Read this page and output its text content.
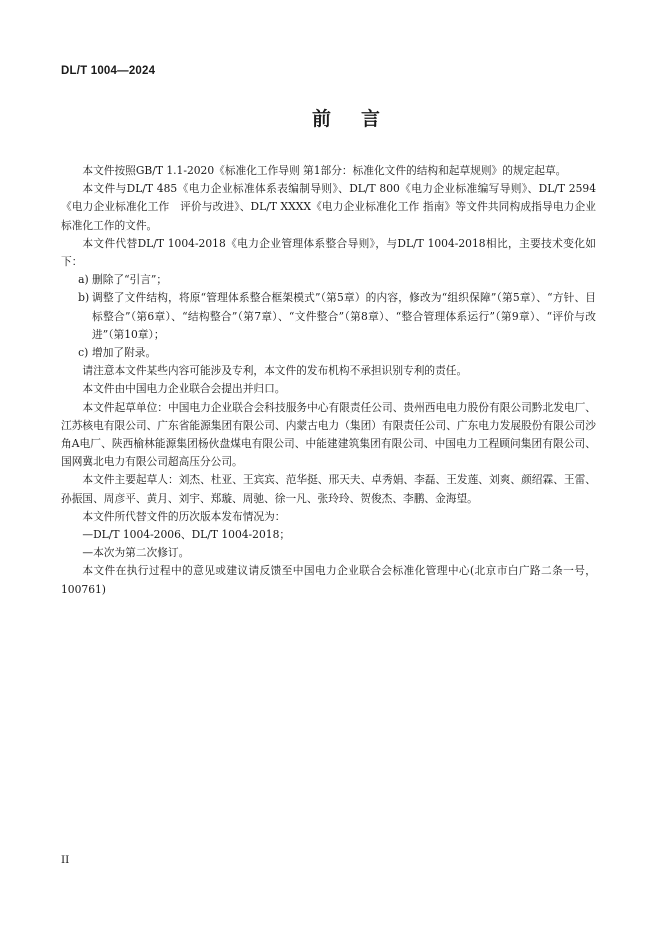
DL/T 1004—2024
前言

本文件按照GB/T 1.1-2020《标准化工作导则 第1部分：标准化文件的结构和起草规则》的规定起草。

本文件与DL/T 485《电力企业标准体系表编制导则》、DL/T 800《电力企业标准编写导则》、DL/T 2594《电力企业标准化工作　评价与改进》、DL/T XXXX《电力企业标准化工作 指南》等文件共同构成指导电力企业标准化工作的文件。

本文件代替DL/T 1004-2018《电力企业管理体系整合导则》，与DL/T 1004-2018相比，主要技术变化如下：

a) 删除了“引言”；

b) 调整了文件结构，将原“管理体系整合框架模式”（第5章）的内容，修改为“组织保障”（第5章）、“方针、目标整合”（第6章）、“结构整合”（第7章）、“文件整合”（第8章）、“整合管理体系运行”（第9章）、“评价与改进”（第10章）；

c) 增加了附录。

请注意本文件某些内容可能涉及专利，本文件的发布机构不承担识别专利的责任。

本文件由中国电力企业联合会提出并归口。

本文件起草单位：中国电力企业联合会科技服务中心有限责任公司、贵州西电电力股份有限公司黔北发电厂、江苏核电有限公司、广东省能源集团有限公司、内蒙古电力（集团）有限责任公司、广东电力发展股份有限公司沙角A电厂、陕西榆林能源集团杨伙盘煤电有限公司、中能建建筑集团有限公司、中国电力工程顾问集团有限公司、国网冀北电力有限公司超高压分公司。

本文件主要起草人：刘杰、杜亚、王宾宾、范华挺、邢天夫、卓秀娟、李磊、王发莲、刘爽、颜绍霖、王雷、孙振国、周彦平、黄月、刘宇、郑璇、周驰、徐一凡、张玲玲、贺俊杰、李鹏、金海望。

本文件所代替文件的历次版本发布情况为：

—DL/T 1004-2006、DL/T 1004-2018；

—本次为第二次修订。

本文件在执行过程中的意见或建议请反馈至中国电力企业联合会标准化管理中心(北京市白广路二条一号，100761)

II
